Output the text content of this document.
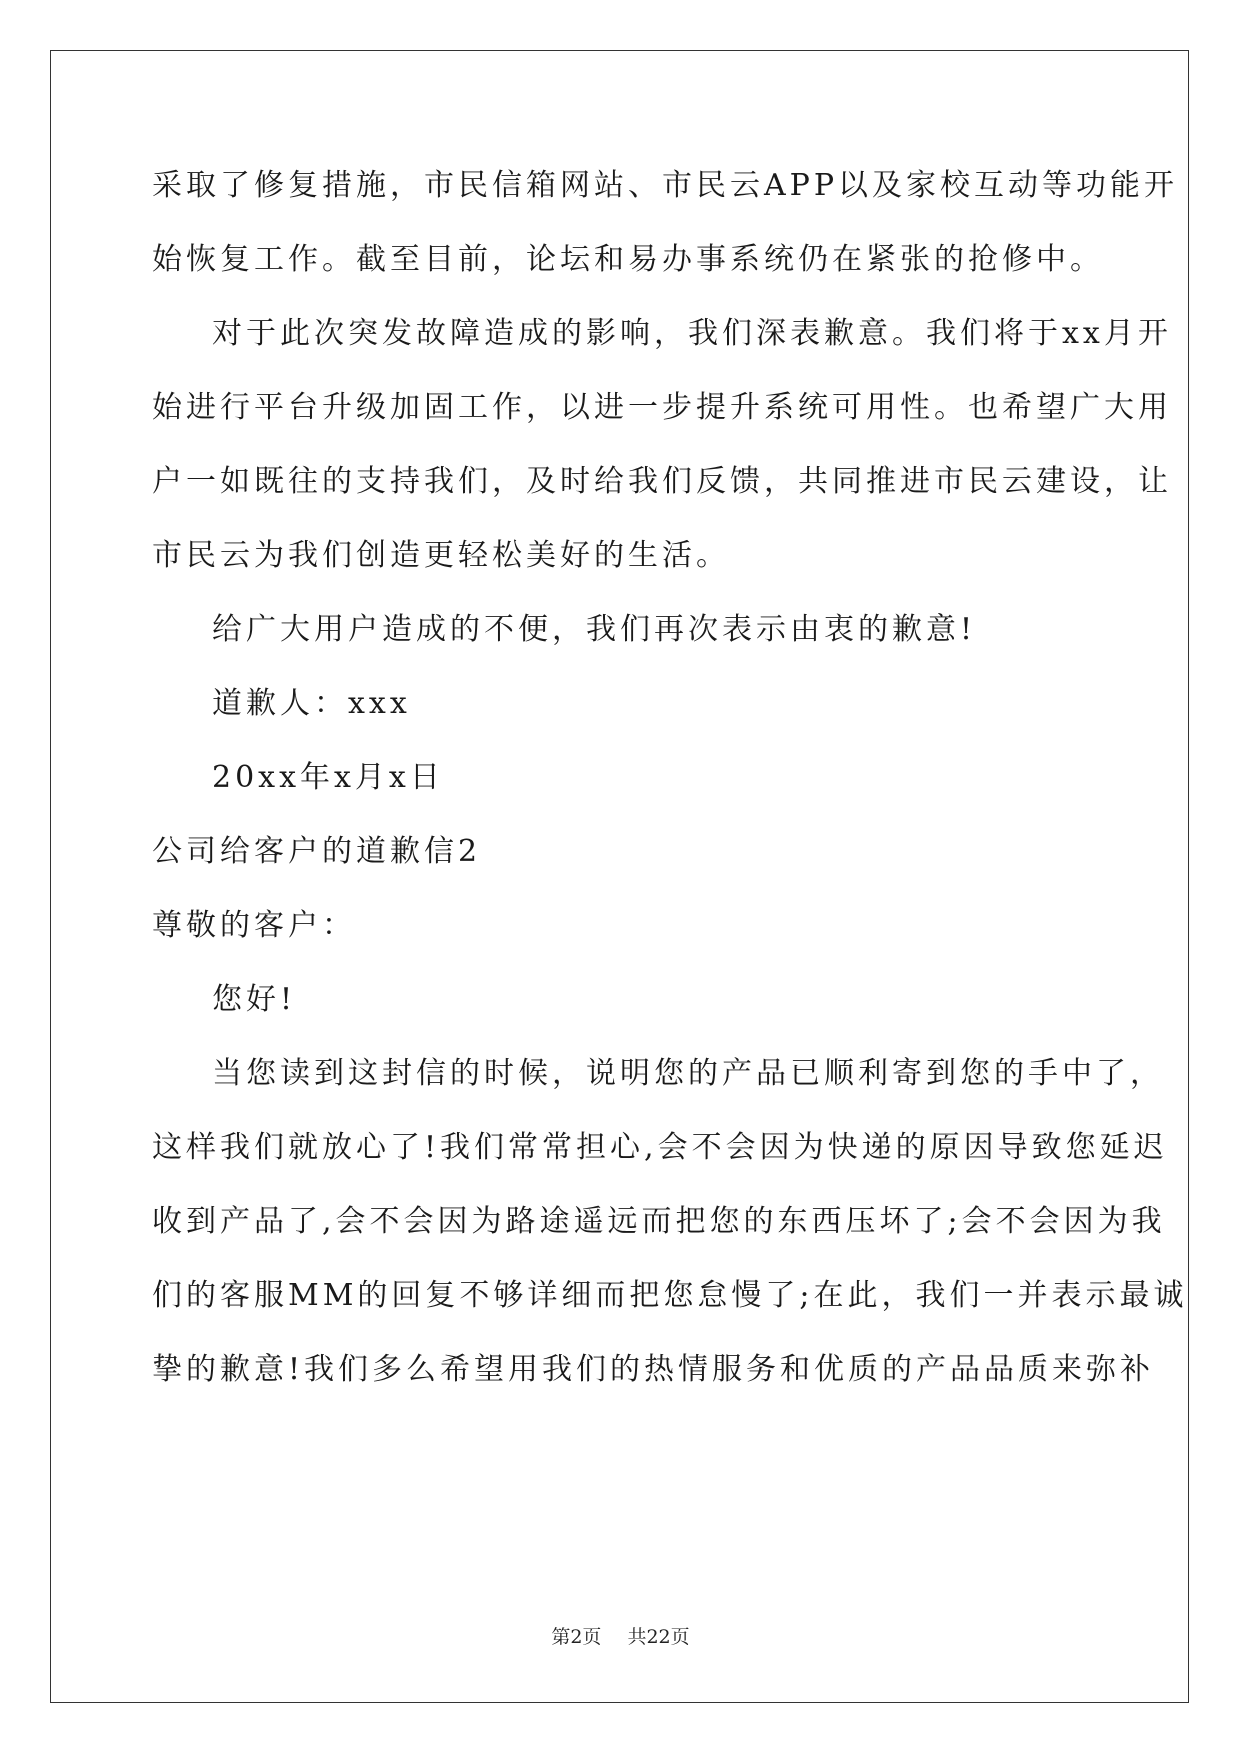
采取了修复措施，市民信箱网站、市民云APP以及家校互动等功能开
始恢复工作。截至目前，论坛和易办事系统仍在紧张的抢修中。
对于此次突发故障造成的影响，我们深表歉意。我们将于xx月开
始进行平台升级加固工作，以进一步提升系统可用性。也希望广大用
户一如既往的支持我们，及时给我们反馈，共同推进市民云建设，让
市民云为我们创造更轻松美好的生活。
给广大用户造成的不便，我们再次表示由衷的歉意!
道歉人：xxx
20xx年x月x日
公司给客户的道歉信2
尊敬的客户：
您好!
当您读到这封信的时候，说明您的产品已顺利寄到您的手中了，
这样我们就放心了!我们常常担心,会不会因为快递的原因导致您延迟
收到产品了,会不会因为路途遥远而把您的东西压坏了;会不会因为我
们的客服MM的回复不够详细而把您怠慢了;在此，我们一并表示最诚
挚的歉意!我们多么希望用我们的热情服务和优质的产品品质来弥补
第2页 共22页
